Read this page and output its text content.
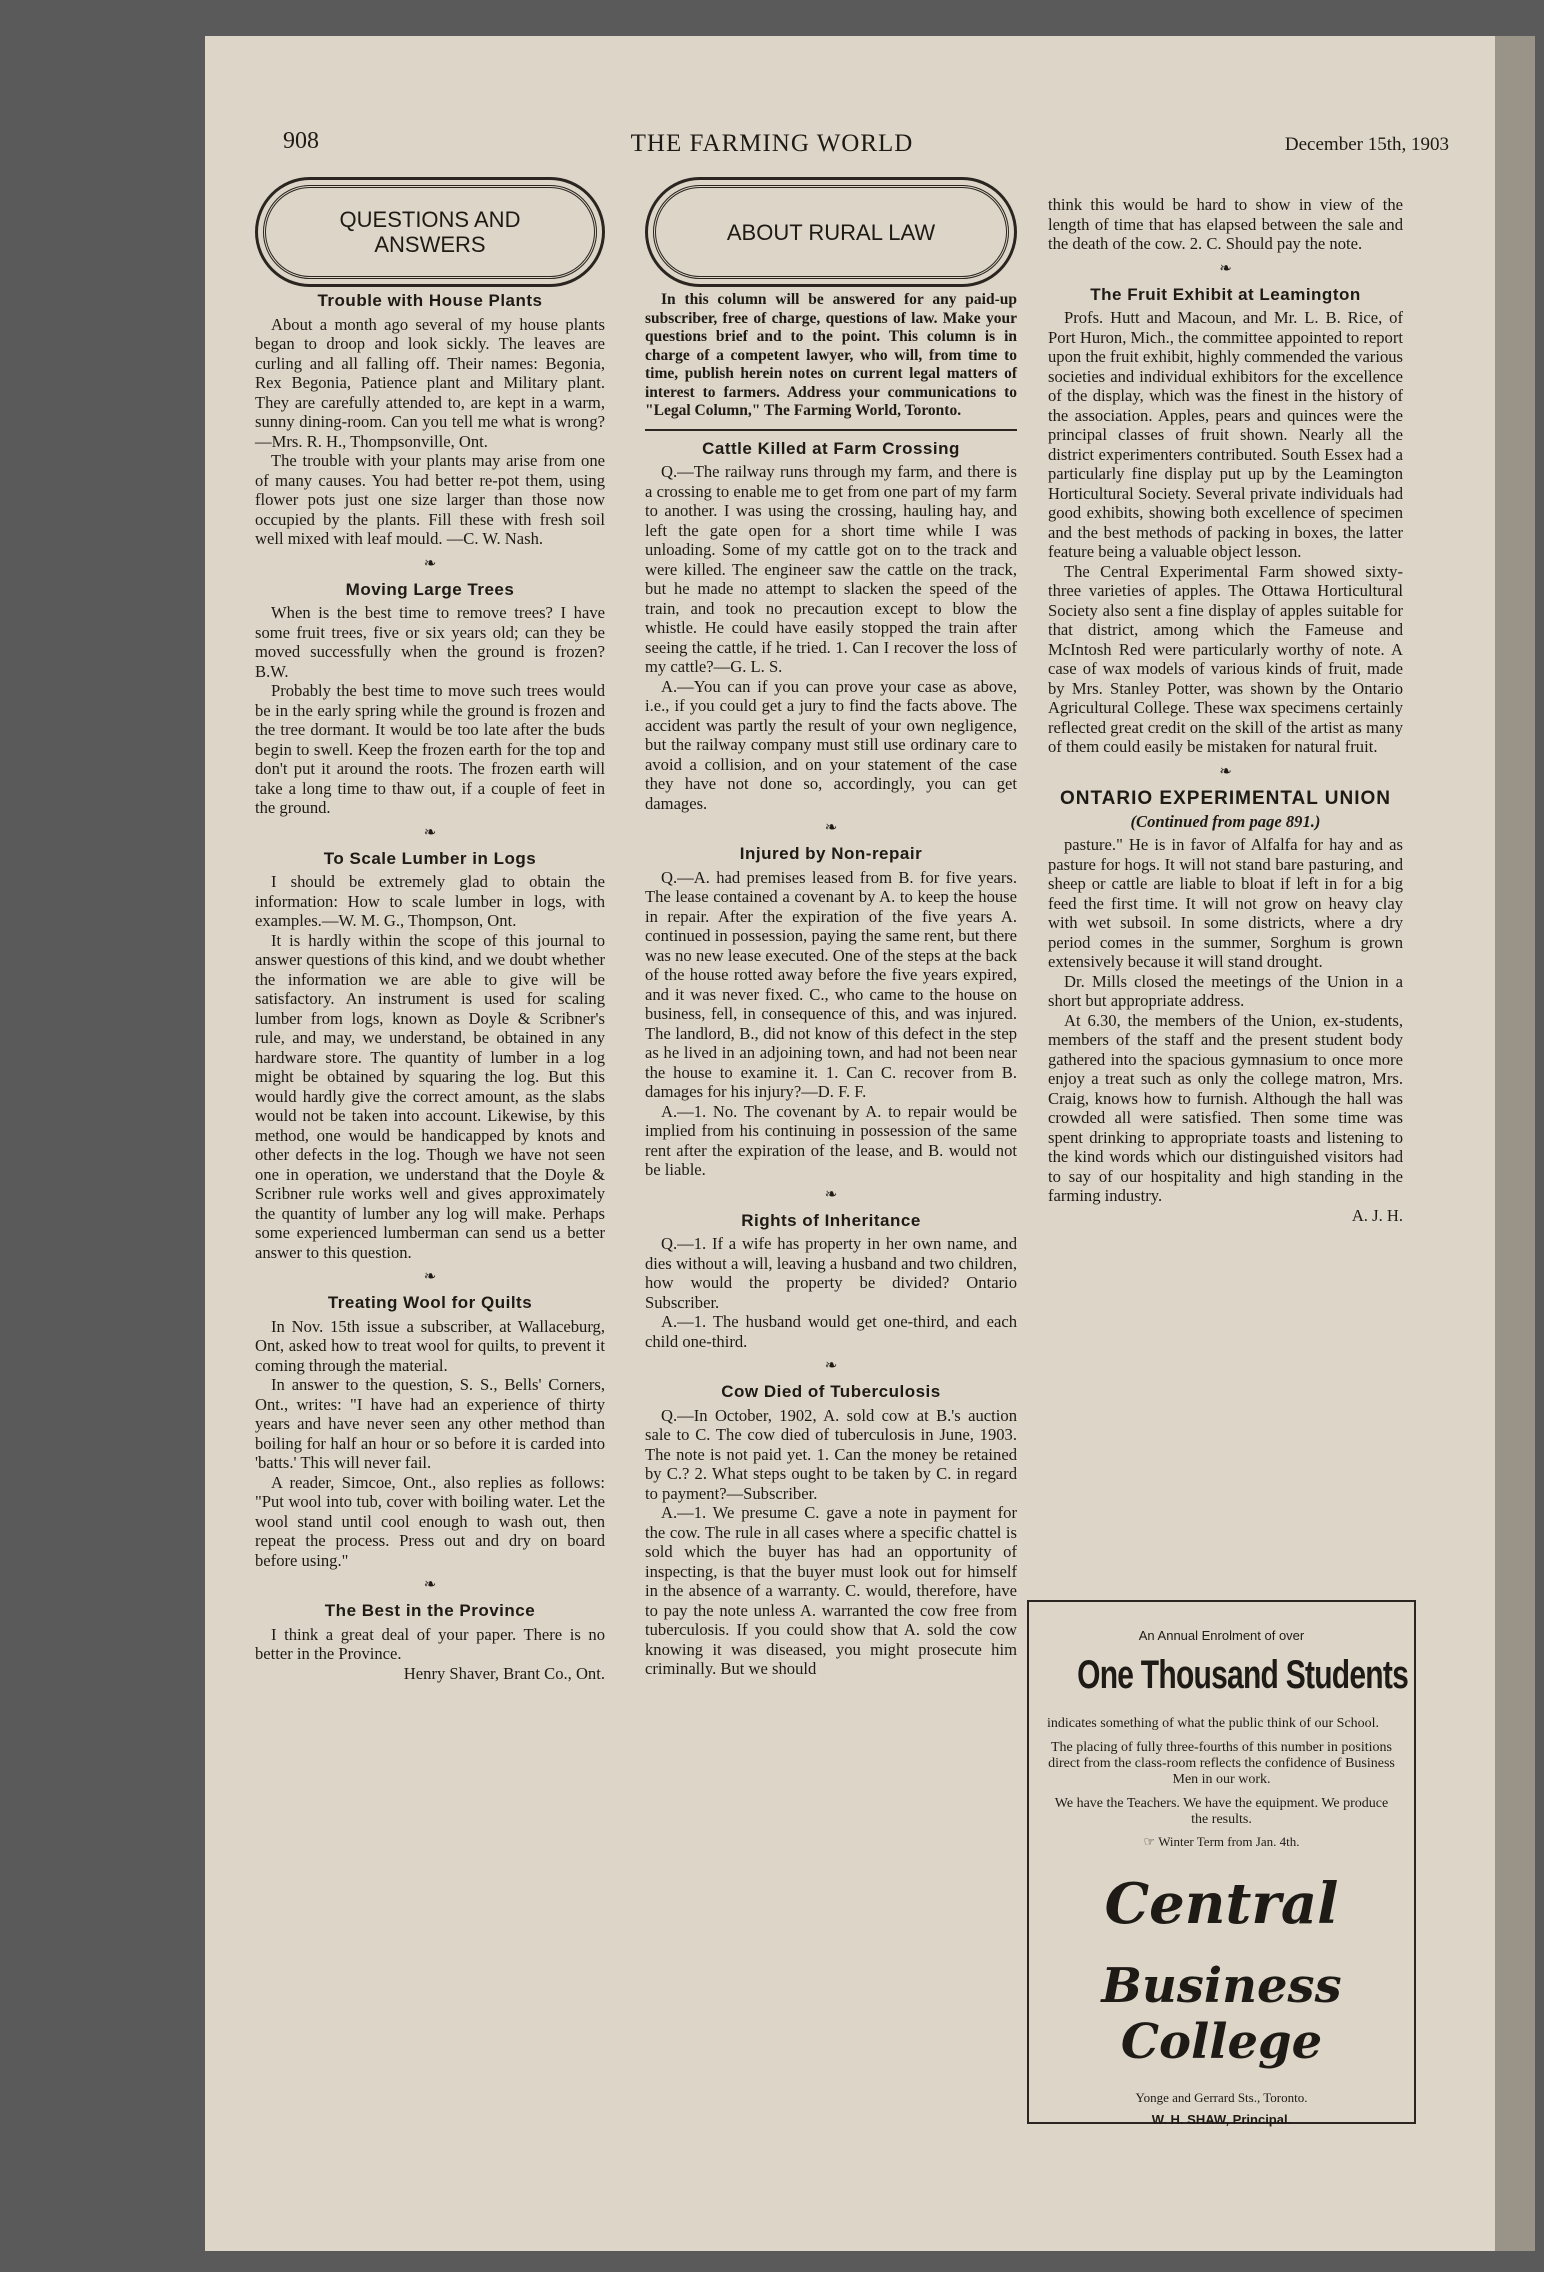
908	THE FARMING WORLD	December 15th, 1903
QUESTIONS AND ANSWERS
Trouble with House Plants

About a month ago several of my house plants began to droop and look sickly. The leaves are curling and all falling off. Their names: Begonia, Rex Begonia, Patience plant and Military plant. They are carefully attended to, are kept in a warm, sunny dining-room. Can you tell me what is wrong?—Mrs. R. H., Thompsonville, Ont.

The trouble with your plants may arise from one of many causes. You had better re-pot them, using flower pots just one size larger than those now occupied by the plants. Fill these with fresh soil well mixed with leaf mould. —C. W. Nash.

❧
Moving Large Trees

When is the best time to remove trees? I have some fruit trees, five or six years old; can they be moved successfully when the ground is frozen? B.W.

Probably the best time to move such trees would be in the early spring while the ground is frozen and the tree dormant. It would be too late after the buds begin to swell. Keep the frozen earth for the top and don't put it around the roots. The frozen earth will take a long time to thaw out, if a couple of feet in the ground.

❧
To Scale Lumber in Logs

I should be extremely glad to obtain the information: How to scale lumber in logs, with examples.—W. M. G., Thompson, Ont.

It is hardly within the scope of this journal to answer questions of this kind, and we doubt whether the information we are able to give will be satisfactory. An instrument is used for scaling lumber from logs, known as Doyle & Scribner's rule, and may, we understand, be obtained in any hardware store. The quantity of lumber in a log might be obtained by squaring the log. But this would hardly give the correct amount, as the slabs would not be taken into account. Likewise, by this method, one would be handicapped by knots and other defects in the log. Though we have not seen one in operation, we understand that the Doyle & Scribner rule works well and gives approximately the quantity of lumber any log will make. Perhaps some experienced lumberman can send us a better answer to this question.

❧
Treating Wool for Quilts

In Nov. 15th issue a subscriber, at Wallaceburg, Ont, asked how to treat wool for quilts, to prevent it coming through the material.

In answer to the question, S. S., Bells' Corners, Ont., writes: "I have had an experience of thirty years and have never seen any other method than boiling for half an hour or so before it is carded into 'batts.' This will never fail.

A reader, Simcoe, Ont., also replies as follows: "Put wool into tub, cover with boiling water. Let the wool stand until cool enough to wash out, then repeat the process. Press out and dry on board before using."

❧
The Best in the Province

I think a great deal of your paper. There is no better in the Province.

Henry Shaver, Brant Co., Ont.
ABOUT RURAL LAW

In this column will be answered for any paid-up subscriber, free of charge, questions of law. Make your questions brief and to the point. This column is in charge of a competent lawyer, who will, from time to time, publish herein notes on current legal matters of interest to farmers. Address your communications to "Legal Column," The Farming World, Toronto.

Cattle Killed at Farm Crossing

Q.—The railway runs through my farm, and there is a crossing to enable me to get from one part of my farm to another. I was using the crossing, hauling hay, and left the gate open for a short time while I was unloading. Some of my cattle got on to the track and were killed. The engineer saw the cattle on the track, but he made no attempt to slacken the speed of the train, and took no precaution except to blow the whistle. He could have easily stopped the train after seeing the cattle, if he tried. 1. Can I recover the loss of my cattle?—G. L. S.

A.—You can if you can prove your case as above, i.e., if you could get a jury to find the facts above. The accident was partly the result of your own negligence, but the railway company must still use ordinary care to avoid a collision, and on your statement of the case they have not done so, accordingly, you can get damages.

❧
Injured by Non-repair

Q.—A. had premises leased from B. for five years. The lease contained a covenant by A. to keep the house in repair. After the expiration of the five years A. continued in possession, paying the same rent, but there was no new lease executed. One of the steps at the back of the house rotted away before the five years expired, and it was never fixed. C., who came to the house on business, fell, in consequence of this, and was injured. The landlord, B., did not know of this defect in the step as he lived in an adjoining town, and had not been near the house to examine it. 1. Can C. recover from B. damages for his injury?—D. F. F.

A.—1. No. The covenant by A. to repair would be implied from his continuing in possession of the same rent after the expiration of the lease, and B. would not be liable.

❧
Rights of Inheritance

Q.—1. If a wife has property in her own name, and dies without a will, leaving a husband and two children, how would the property be divided? Ontario Subscriber.

A.—1. The husband would get one-third, and each child one-third.

❧
Cow Died of Tuberculosis

Q.—In October, 1902, A. sold cow at B.'s auction sale to C. The cow died of tuberculosis in June, 1903. The note is not paid yet. 1. Can the money be retained by C.? 2. What steps ought to be taken by C. in regard to payment?—Subscriber.

A.—1. We presume C. gave a note in payment for the cow. The rule in all cases where a specific chattel is sold which the buyer has had an opportunity of inspecting, is that the buyer must look out for himself in the absence of a warranty. C. would, therefore, have to pay the note unless A. warranted the cow free from tuberculosis. If you could show that A. sold the cow knowing it was diseased, you might prosecute him criminally. But we should

think this would be hard to show in view of the length of time that has elapsed between the sale and the death of the cow. 2. C. Should pay the note.

❧
The Fruit Exhibit at Leamington

Profs. Hutt and Macoun, and Mr. L. B. Rice, of Port Huron, Mich., the committee appointed to report upon the fruit exhibit, highly commended the various societies and individual exhibitors for the excellence of the display, which was the finest in the history of the association. Apples, pears and quinces were the principal classes of fruit shown. Nearly all the district experimenters contributed. South Essex had a particularly fine display put up by the Leamington Horticultural Society. Several private individuals had good exhibits, showing both excellence of specimen and the best methods of packing in boxes, the latter feature being a valuable object lesson.

The Central Experimental Farm showed sixty-three varieties of apples. The Ottawa Horticultural Society also sent a fine display of apples suitable for that district, among which the Fameuse and McIntosh Red were particularly worthy of note. A case of wax models of various kinds of fruit, made by Mrs. Stanley Potter, was shown by the Ontario Agricultural College. These wax specimens certainly reflected great credit on the skill of the artist as many of them could easily be mistaken for natural fruit.

❧
ONTARIO EXPERIMENTAL UNION
(Continued from page 891.)

pasture." He is in favor of Alfalfa for hay and as pasture for hogs. It will not stand bare pasturing, and sheep or cattle are liable to bloat if left in for a big feed the first time. It will not grow on heavy clay with wet subsoil. In some districts, where a dry period comes in the summer, Sorghum is grown extensively because it will stand drought.

Dr. Mills closed the meetings of the Union in a short but appropriate address.

At 6.30, the members of the Union, ex-students, members of the staff and the present student body gathered into the spacious gymnasium to once more enjoy a treat such as only the college matron, Mrs. Craig, knows how to furnish. Although the hall was crowded all were satisfied. Then some time was spent drinking to appropriate toasts and listening to the kind words which our distinguished visitors had to say of our hospitality and high standing in the farming industry.

A. J. H.
An Annual Enrolment of over
One Thousand Students
indicates something of what the public think of our School.
The placing of fully three-fourths of this number in positions direct from the class-room reflects the confidence of Business Men in our work.
We have the Teachers. We have the equipment. We produce the results.
☞ Winter Term from Jan. 4th.
Central
Business College
Yonge and Gerrard Sts., Toronto.
W. H. SHAW, Principal.
